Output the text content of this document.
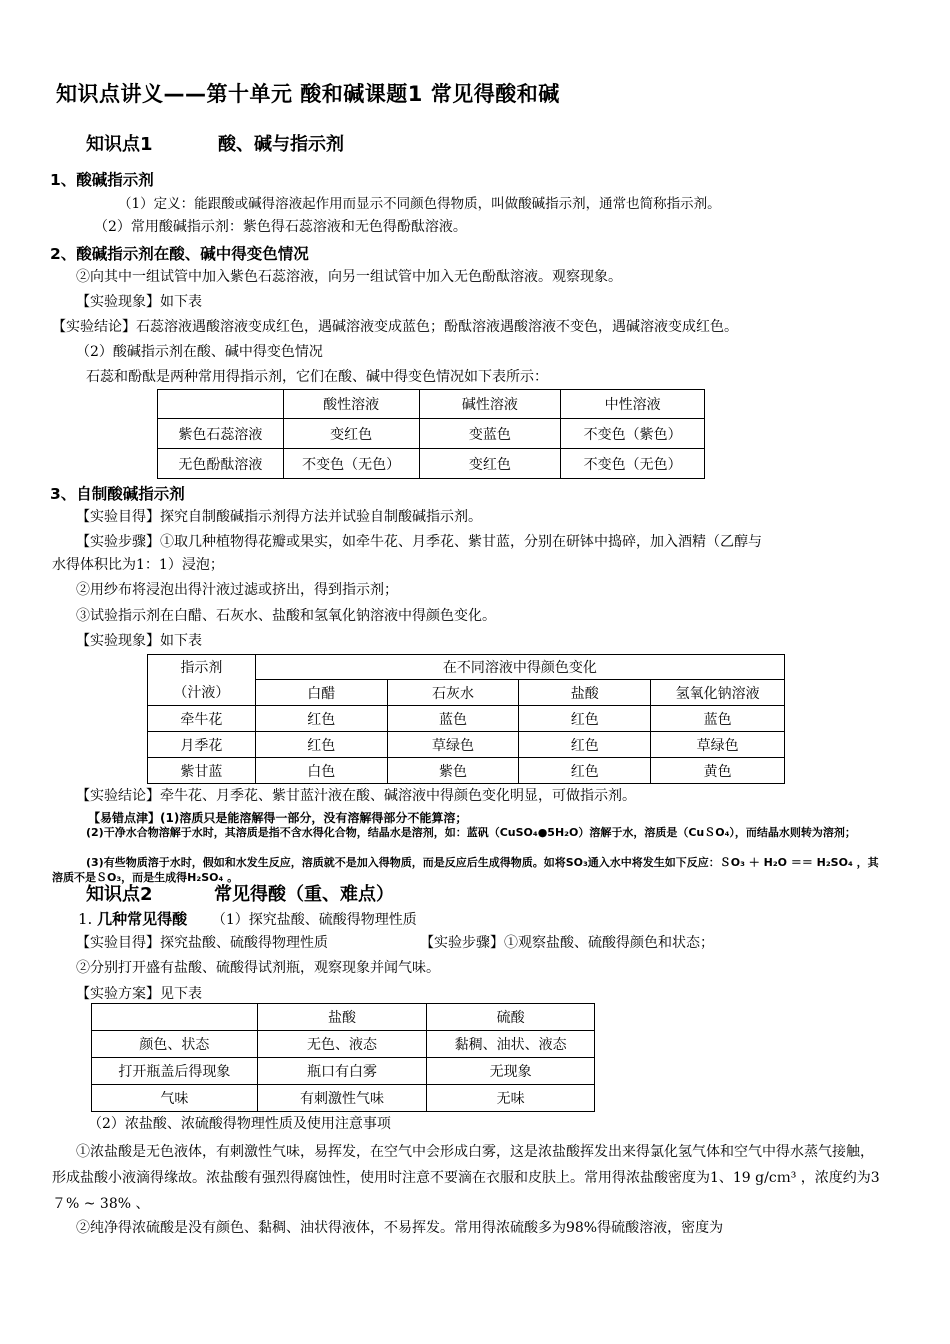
知识点讲义——第十单元 酸和碱课题1 常见得酸和碱
知识点1	酸、碱与指示剂
1、酸碱指示剂
（1）定义：能跟酸或碱得溶液起作用而显示不同颜色得物质，叫做酸碱指示剂，通常也简称指示剂。
（2）常用酸碱指示剂：紫色得石蕊溶液和无色得酚酞溶液。
2、酸碱指示剂在酸、碱中得变色情况
②向其中一组试管中加入紫色石蕊溶液，向另一组试管中加入无色酚酞溶液。观察现象。
【实验现象】如下表
【实验结论】石蕊溶液遇酸溶液变成红色，遇碱溶液变成蓝色；酚酞溶液遇酸溶液不变色，遇碱溶液变成红色。
（2）酸碱指示剂在酸、碱中得变色情况
石蕊和酚酞是两种常用得指示剂，它们在酸、碱中得变色情况如下表所示：
	酸性溶液	碱性溶液	中性溶液
紫色石蕊溶液	变红色	变蓝色	不变色（紫色）
无色酚酞溶液	不变色（无色）	变红色	不变色（无色）
3、自制酸碱指示剂
【实验目得】探究自制酸碱指示剂得方法并试验自制酸碱指示剂。
【实验步骤】①取几种植物得花瓣或果实，如牵牛花、月季花、紫甘蓝，分别在研钵中捣碎，加入酒精（乙醇与
水得体积比为1：1）浸泡；
②用纱布将浸泡出得汁液过滤或挤出，得到指示剂；
③试验指示剂在白醋、石灰水、盐酸和氢氧化钠溶液中得颜色变化。
【实验现象】如下表
指示剂	在不同溶液中得颜色变化			
（汁液）	白醋	石灰水	盐酸	氢氧化钠溶液
牵牛花	红色	蓝色	红色	蓝色
月季花	红色	草绿色	红色	草绿色
紫甘蓝	白色	紫色	红色	黄色
【实验结论】牵牛花、月季花、紫甘蓝汁液在酸、碱溶液中得颜色变化明显，可做指示剂。
【易错点津】(1)溶质只是能溶解得一部分，没有溶解得部分不能算溶；
(2)干净水合物溶解于水时，其溶质是指不含水得化合物，结晶水是溶剂，如：蓝矾（CuSO₄●5H₂O）溶解于水，溶质是（CuＳO₄），而结晶水则转为溶剂；
(3)有些物质溶于水时，假如和水发生反应，溶质就不是加入得物质，而是反应后生成得物质。如将SO₃通入水中将发生如下反应：ＳO₃ ＋ H₂O ＝＝ H₂SO₄ ，其溶质不是ＳO₃，而是生成得H₂SO₄ 。
知识点2	常见得酸（重、难点）
1. 几种常见得酸 （1）探究盐酸、硫酸得物理性质
【实验目得】探究盐酸、硫酸得物理性质	【实验步骤】①观察盐酸、硫酸得颜色和状态；
②分别打开盛有盐酸、硫酸得试剂瓶，观察现象并闻气味。
【实验方案】见下表
	盐酸	硫酸
颜色、状态	无色、液态	黏稠、油状、液态
打开瓶盖后得现象	瓶口有白雾	无现象
气味	有刺激性气味	无味
（2）浓盐酸、浓硫酸得物理性质及使用注意事项
①浓盐酸是无色液体，有刺激性气味，易挥发，在空气中会形成白雾，这是浓盐酸挥发出来得氯化氢气体和空气中得水蒸气接触，形成盐酸小液滴得缘故。浓盐酸有强烈得腐蚀性，使用时注意不要滴在衣服和皮肤上。常用得浓盐酸密度为1、19 g/cｍ³ ，浓度约为3７% ~ 38% 、
②纯净得浓硫酸是没有颜色、黏稠、油状得液体，不易挥发。常用得浓硫酸多为98%得硫酸溶液，密度为
